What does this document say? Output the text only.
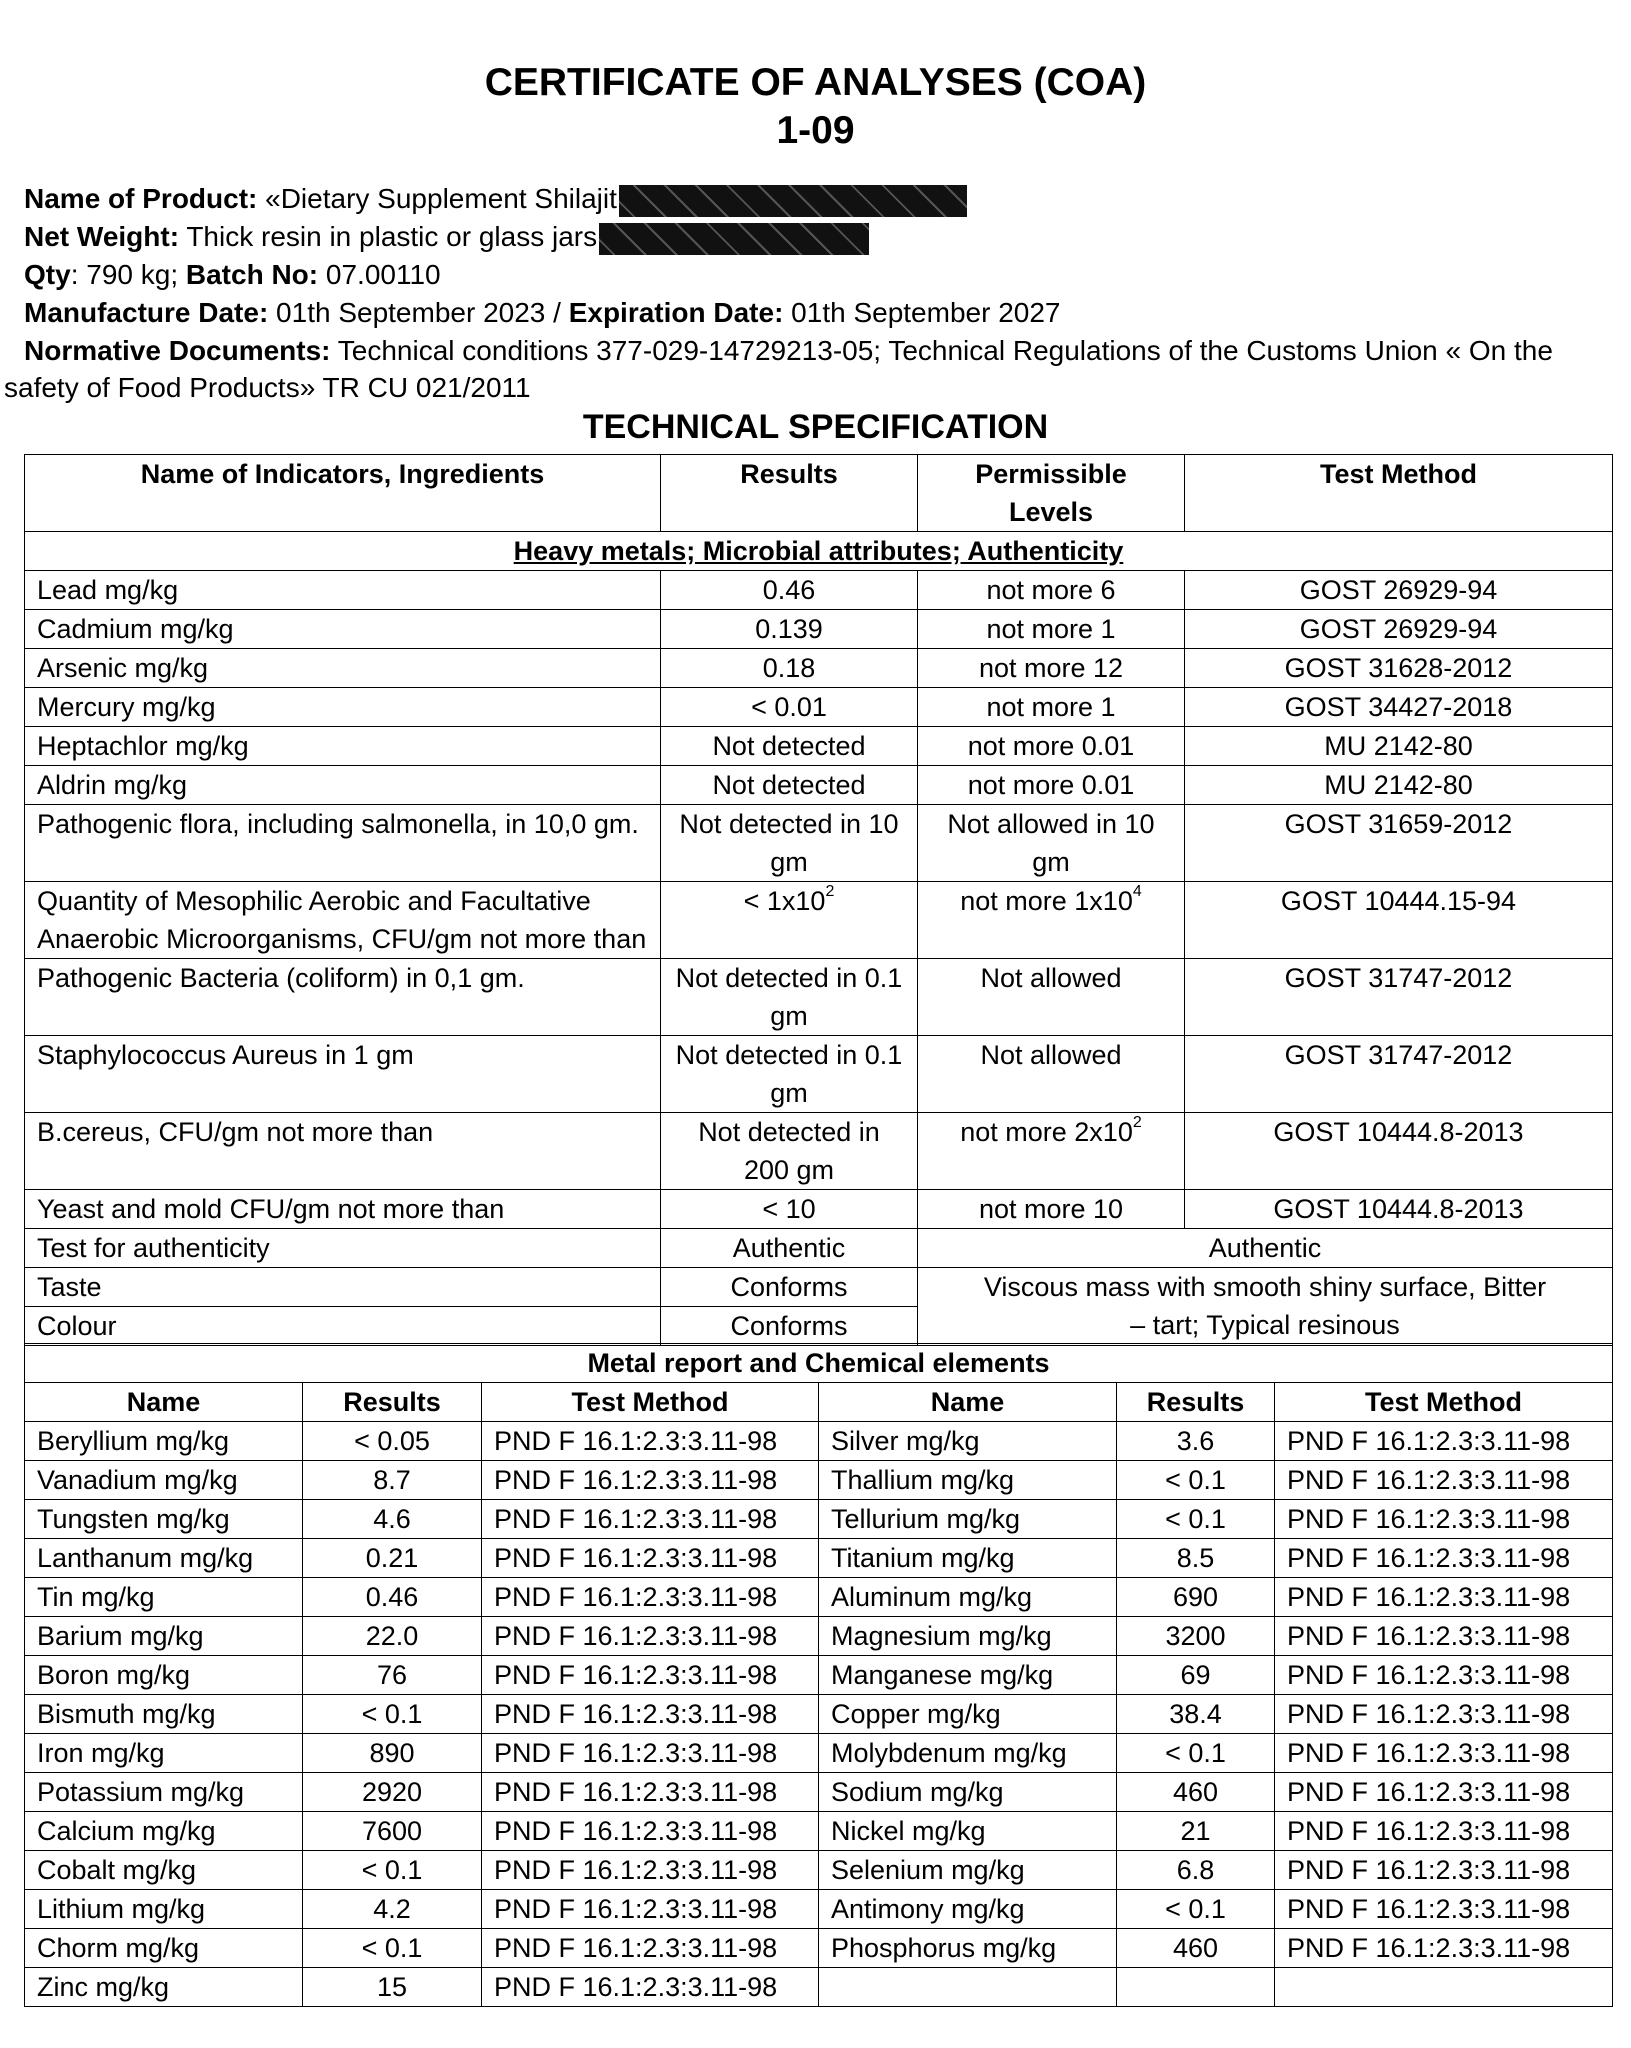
CERTIFICATE OF ANALYSES (COA)
1-09
Name of Product: «Dietary Supplement Shilajit
Net Weight: Thick resin in plastic or glass jars
Qty: 790 kg; Batch No: 07.00110
Manufacture Date: 01th September 2023 / Expiration Date: 01th September 2027
Normative Documents: Technical conditions 377-029-14729213-05; Technical Regulations of the Customs Union « On the
safety of Food Products» TR CU 021/2011
TECHNICAL SPECIFICATION
Name of Indicators, Ingredients	Results	Permissible Levels	Test Method
Heavy metals; Microbial attributes; Authenticity			
Lead mg/kg	0.46	not more 6	GOST 26929-94
Cadmium mg/kg	0.139	not more 1	GOST 26929-94
Arsenic mg/kg	0.18	not more 12	GOST 31628-2012
Mercury mg/kg	< 0.01	not more 1	GOST 34427-2018
Heptachlor mg/kg	Not detected	not more 0.01	MU 2142-80
Aldrin mg/kg	Not detected	not more 0.01	MU 2142-80
Pathogenic flora, including salmonella, in 10,0 gm.	Not detected in 10 gm	Not allowed in 10 gm	GOST 31659-2012
Quantity of Mesophilic Aerobic and Facultative Anaerobic Microorganisms, CFU/gm not more than	< $1x10^2$	not more $1x10^4$	GOST 10444.15-94
Pathogenic Bacteria (coliform) in 0,1 gm.	Not detected in 0.1 gm	Not allowed	GOST 31747-2012
Staphylococcus Aureus in 1 gm	Not detected in 0.1 gm	Not allowed	GOST 31747-2012
B.cereus, CFU/gm not more than	Not detected in 200 gm	not more $2x10^2$	GOST 10444.8-2013
Yeast and mold CFU/gm not more than	< 10	not more 10	GOST 10444.8-2013
Test for authenticity	Authentic	Authentic	
Taste	Conforms	Viscous mass with smooth shiny surface, Bitter – tart; Typical resinous	
Colour	Conforms		
Metal report and Chemical elements					
Name	Results	Test Method	Name	Results	Test Method
Beryllium mg/kg	< 0.05	PND F 16.1:2.3:3.11-98	Silver mg/kg	3.6	PND F 16.1:2.3:3.11-98
Vanadium mg/kg	8.7	PND F 16.1:2.3:3.11-98	Thallium mg/kg	< 0.1	PND F 16.1:2.3:3.11-98
Tungsten mg/kg	4.6	PND F 16.1:2.3:3.11-98	Tellurium mg/kg	< 0.1	PND F 16.1:2.3:3.11-98
Lanthanum mg/kg	0.21	PND F 16.1:2.3:3.11-98	Titanium mg/kg	8.5	PND F 16.1:2.3:3.11-98
Tin mg/kg	0.46	PND F 16.1:2.3:3.11-98	Aluminum mg/kg	690	PND F 16.1:2.3:3.11-98
Barium mg/kg	22.0	PND F 16.1:2.3:3.11-98	Magnesium mg/kg	3200	PND F 16.1:2.3:3.11-98
Boron mg/kg	76	PND F 16.1:2.3:3.11-98	Manganese mg/kg	69	PND F 16.1:2.3:3.11-98
Bismuth mg/kg	< 0.1	PND F 16.1:2.3:3.11-98	Copper mg/kg	38.4	PND F 16.1:2.3:3.11-98
Iron mg/kg	890	PND F 16.1:2.3:3.11-98	Molybdenum mg/kg	< 0.1	PND F 16.1:2.3:3.11-98
Potassium mg/kg	2920	PND F 16.1:2.3:3.11-98	Sodium mg/kg	460	PND F 16.1:2.3:3.11-98
Calcium mg/kg	7600	PND F 16.1:2.3:3.11-98	Nickel mg/kg	21	PND F 16.1:2.3:3.11-98
Cobalt mg/kg	< 0.1	PND F 16.1:2.3:3.11-98	Selenium mg/kg	6.8	PND F 16.1:2.3:3.11-98
Lithium mg/kg	4.2	PND F 16.1:2.3:3.11-98	Antimony mg/kg	< 0.1	PND F 16.1:2.3:3.11-98
Chorm mg/kg	< 0.1	PND F 16.1:2.3:3.11-98	Phosphorus mg/kg	460	PND F 16.1:2.3:3.11-98
Zinc mg/kg	15	PND F 16.1:2.3:3.11-98			
